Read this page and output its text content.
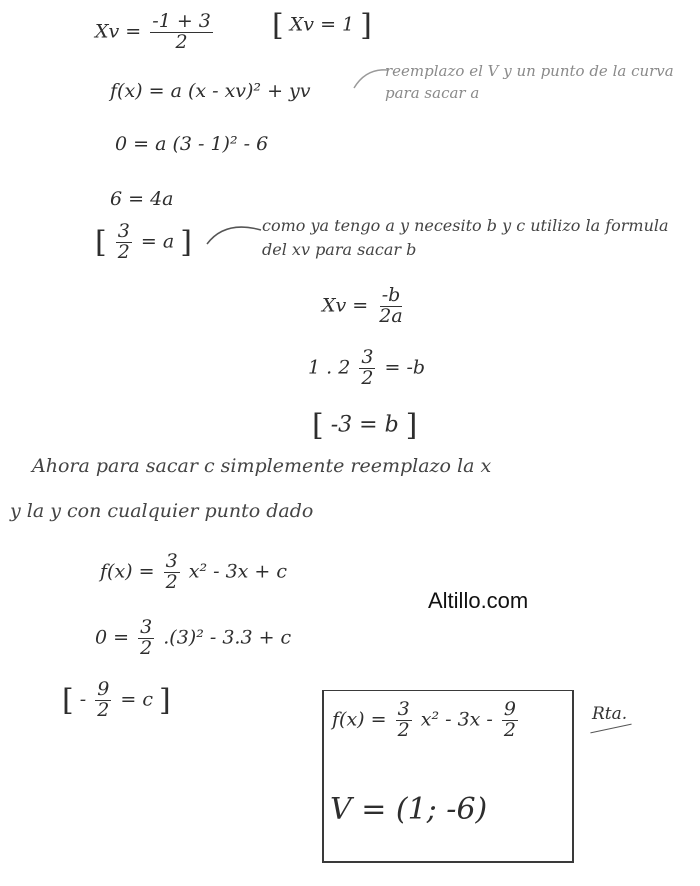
$Xv = \frac{-1 + 3}{2}$ [ Xv = 1 ]
f(x) = a (x - xv)² + yv
reemplazo el V y un punto de la curva para sacar a
0 = a (3 - 1)² - 6
6 = 4a
[ $\frac{3}{2} = a$ ]	como ya tengo a y necesito b y c utilizo la formula del xv para sacar b
$Xv = \frac{-b}{2a}$
1 . $2 \frac{3}{2} = -b$
[ -3 = b ]
Ahora para sacar c simplemente reemplazo la x
y la y con cualquier punto dado
$f(x) = \frac{3}{2} x^2 - 3x + c$
Altillo.com
$0 = \frac{3}{2} .(3)^2 - 3.3 + c$
[ - $\frac{9}{2} = c$ ]
$f(x) = \frac{3}{2} x^2 - 3x - \frac{9}{2}$
V = (1; -6)
Rta.
